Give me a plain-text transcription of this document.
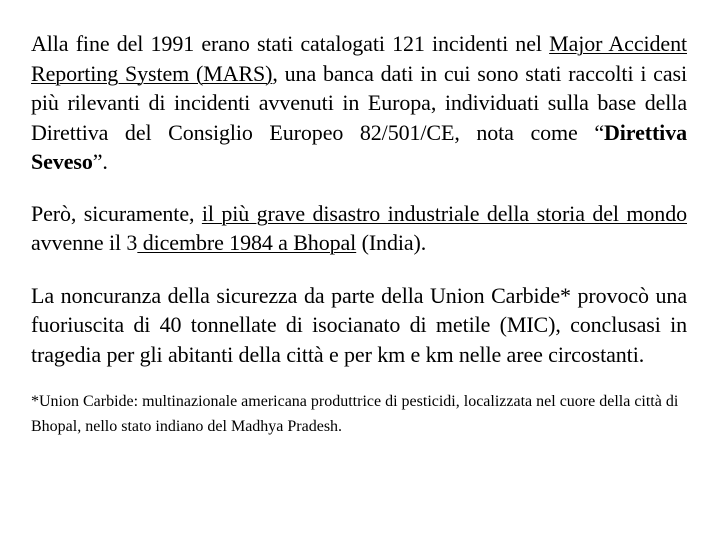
Alla fine del 1991 erano stati catalogati 121 incidenti nel Major Accident Reporting System (MARS), una banca dati in cui sono stati raccolti i casi più rilevanti di incidenti avvenuti in Europa, individuati sulla base della Direttiva del Consiglio Europeo 82/501/CE, nota come “Direttiva Seveso”.

Però, sicuramente, il più grave disastro industriale della storia del mondo avvenne il 3 dicembre 1984 a Bhopal (India).

La noncuranza della sicurezza da parte della Union Carbide* provocò una fuoriuscita di 40 tonnellate di isocianato di metile (MIC), conclusasi in tragedia per gli abitanti della città e per km e km nelle aree circostanti.

*Union Carbide: multinazionale americana produttrice di pesticidi, localizzata nel cuore della città di Bhopal, nello stato indiano del Madhya Pradesh.
